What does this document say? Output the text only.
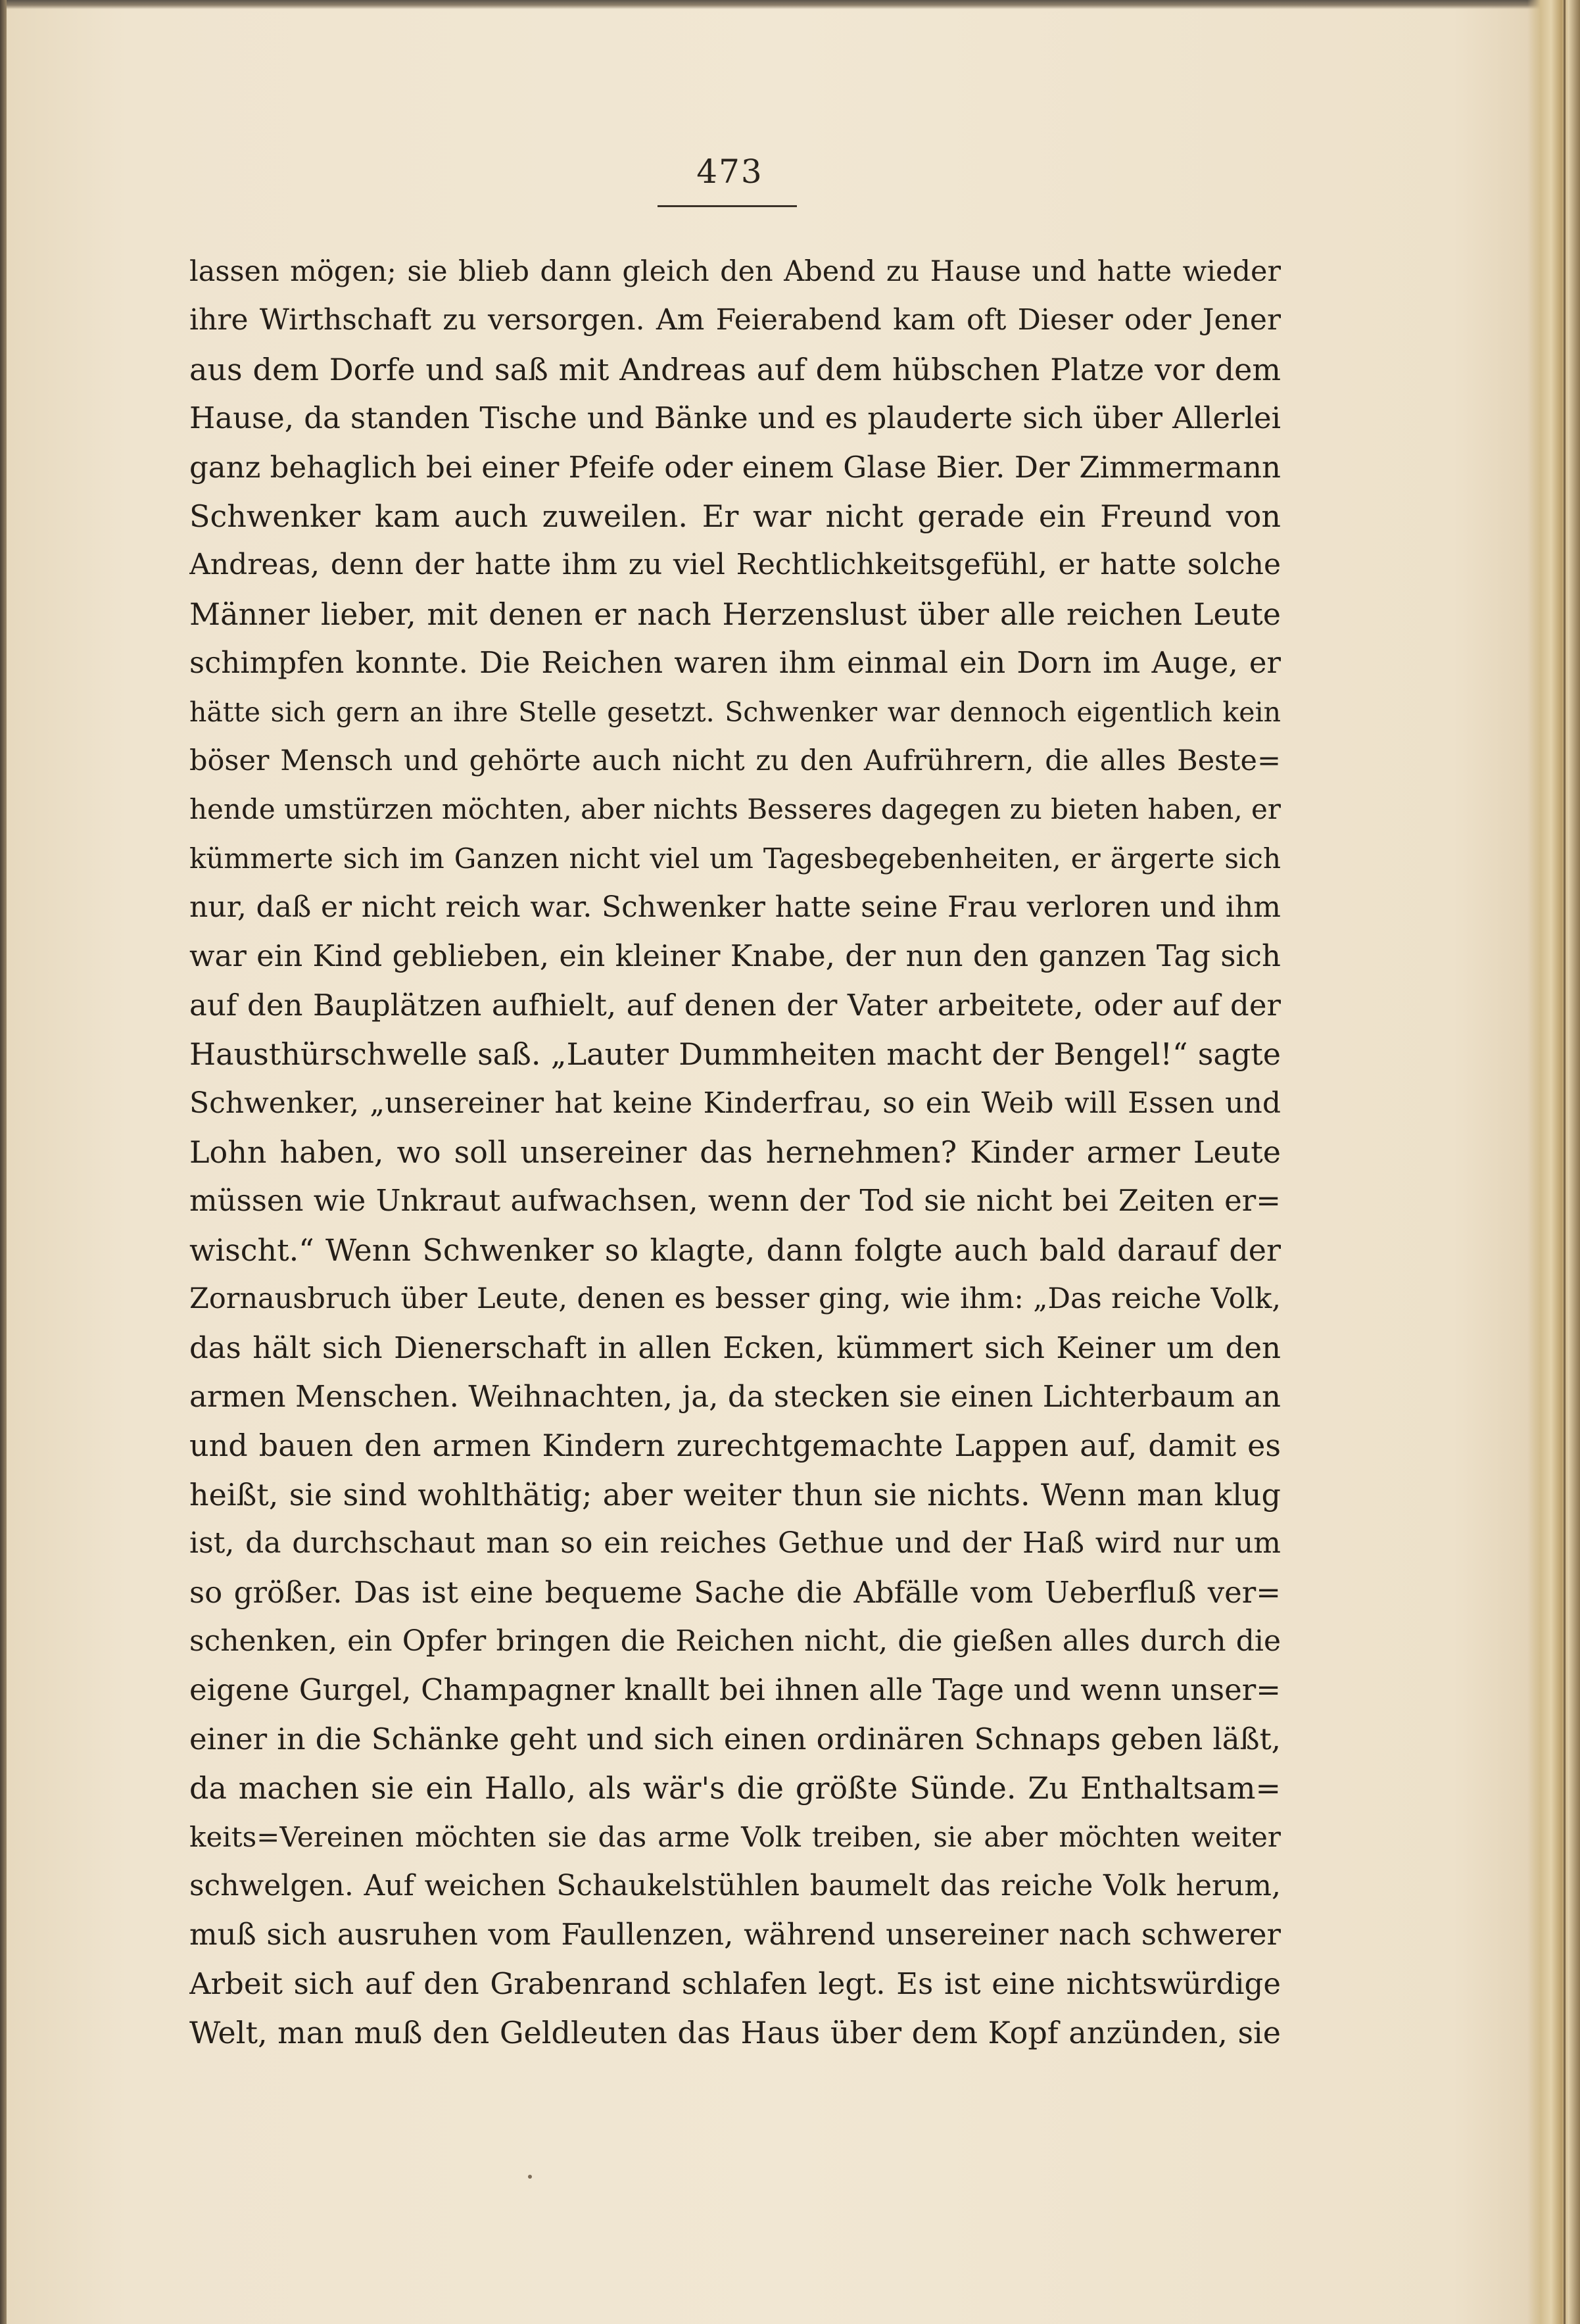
473
lassen mögen; sie blieb dann gleich den Abend zu Hause und hatte wieder
ihre Wirthschaft zu versorgen. Am Feierabend kam oft Dieser oder Jener
aus dem Dorfe und saß mit Andreas auf dem hübschen Platze vor dem
Hause, da standen Tische und Bänke und es plauderte sich über Allerlei
ganz behaglich bei einer Pfeife oder einem Glase Bier. Der Zimmermann
Schwenker kam auch zuweilen. Er war nicht gerade ein Freund von
Andreas, denn der hatte ihm zu viel Rechtlichkeitsgefühl, er hatte solche
Männer lieber, mit denen er nach Herzenslust über alle reichen Leute
schimpfen konnte. Die Reichen waren ihm einmal ein Dorn im Auge, er
hätte sich gern an ihre Stelle gesetzt. Schwenker war dennoch eigentlich kein
böser Mensch und gehörte auch nicht zu den Aufrührern, die alles Beste=
hende umstürzen möchten, aber nichts Besseres dagegen zu bieten haben, er
kümmerte sich im Ganzen nicht viel um Tagesbegebenheiten, er ärgerte sich
nur, daß er nicht reich war. Schwenker hatte seine Frau verloren und ihm
war ein Kind geblieben, ein kleiner Knabe, der nun den ganzen Tag sich
auf den Bauplätzen aufhielt, auf denen der Vater arbeitete, oder auf der
Hausthürschwelle saß. „Lauter Dummheiten macht der Bengel!“ sagte
Schwenker, „unsereiner hat keine Kinderfrau, so ein Weib will Essen und
Lohn haben, wo soll unsereiner das hernehmen? Kinder armer Leute
müssen wie Unkraut aufwachsen, wenn der Tod sie nicht bei Zeiten er=
wischt.“ Wenn Schwenker so klagte, dann folgte auch bald darauf der
Zornausbruch über Leute, denen es besser ging, wie ihm: „Das reiche Volk,
das hält sich Dienerschaft in allen Ecken, kümmert sich Keiner um den
armen Menschen. Weihnachten, ja, da stecken sie einen Lichterbaum an
und bauen den armen Kindern zurechtgemachte Lappen auf, damit es
heißt, sie sind wohlthätig; aber weiter thun sie nichts. Wenn man klug
ist, da durchschaut man so ein reiches Gethue und der Haß wird nur um
so größer. Das ist eine bequeme Sache die Abfälle vom Ueberfluß ver=
schenken, ein Opfer bringen die Reichen nicht, die gießen alles durch die
eigene Gurgel, Champagner knallt bei ihnen alle Tage und wenn unser=
einer in die Schänke geht und sich einen ordinären Schnaps geben läßt,
da machen sie ein Hallo, als wär's die größte Sünde. Zu Enthaltsam=
keits=Vereinen möchten sie das arme Volk treiben, sie aber möchten weiter
schwelgen. Auf weichen Schaukelstühlen baumelt das reiche Volk herum,
muß sich ausruhen vom Faullenzen, während unsereiner nach schwerer
Arbeit sich auf den Grabenrand schlafen legt. Es ist eine nichtswürdige
Welt, man muß den Geldleuten das Haus über dem Kopf anzünden, sie
